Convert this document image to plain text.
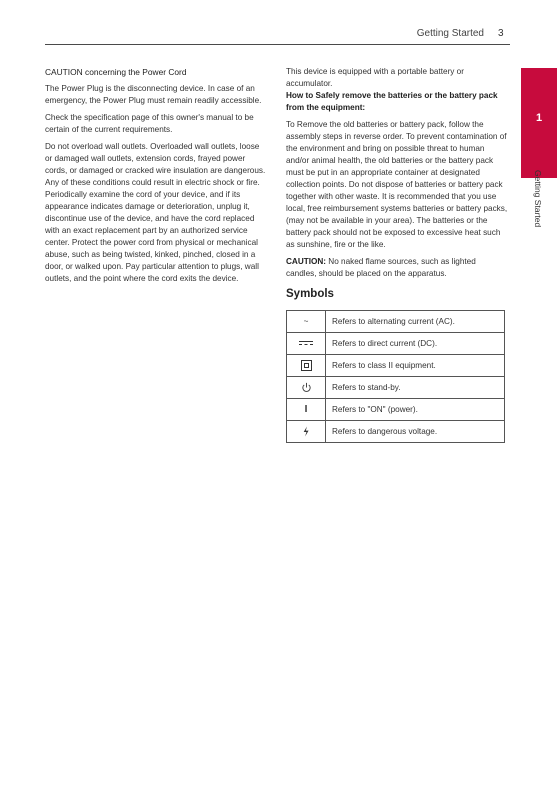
Getting Started 3

CAUTION concerning the Power Cord

The Power Plug is the disconnecting device. In case of an emergency, the Power Plug must remain readily accessible.

Check the specification page of this owner's manual to be certain of the current requirements.

Do not overload wall outlets. Overloaded wall outlets, loose or damaged wall outlets, extension cords, frayed power cords, or damaged or cracked wire insulation are dangerous. Any of these conditions could result in electric shock or fire. Periodically examine the cord of your device, and if its appearance indicates damage or deterioration, unplug it, discontinue use of the device, and have the cord replaced with an exact replacement part by an authorized service center. Protect the power cord from physical or mechanical abuse, such as being twisted, kinked, pinched, closed in a door, or walked upon. Pay particular attention to plugs, wall outlets, and the point where the cord exits the device.

This device is equipped with a portable battery or accumulator.

How to Safely remove the batteries or the battery pack from the equipment:

To Remove the old batteries or battery pack, follow the assembly steps in reverse order. To prevent contamination of the environment and bring on possible threat to human and/or animal health, the old batteries or the battery pack must be put in an appropriate container at designated collection points. Do not dispose of batteries or battery pack together with other waste. It is recommended that you use local, free reimbursement systems batteries or battery packs, (may not be available in your area). The batteries or the battery pack should not be exposed to excessive heat such as sunshine, fire or the like.

CAUTION: No naked flame sources, such as lighted candles, should be placed on the apparatus.

Symbols
~	Refers to alternating current (AC).

	Refers to direct current (DC).
	Refers to class II equipment.
	Refers to stand-by.
I	Refers to "ON" (power).
	Refers to dangerous voltage.
1
Getting Started
